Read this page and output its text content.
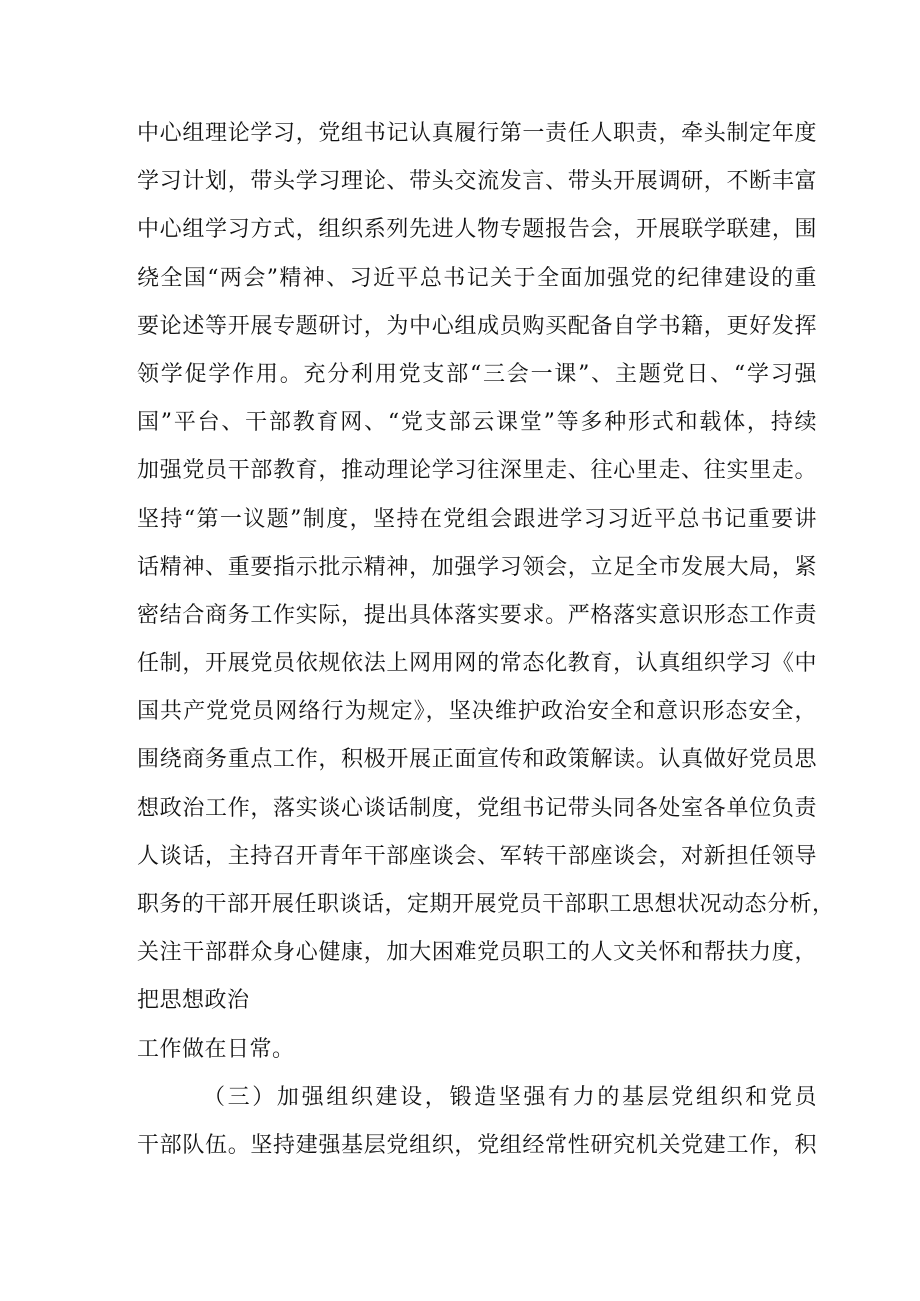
中心组理论学习，党组书记认真履行第一责任人职责，牵头制定年度
学习计划，带头学习理论、带头交流发言、带头开展调研，不断丰富
中心组学习方式，组织系列先进人物专题报告会，开展联学联建，围
绕全国“两会”精神、习近平总书记关于全面加强党的纪律建设的重
要论述等开展专题研讨，为中心组成员购买配备自学书籍，更好发挥
领学促学作用。充分利用党支部“三会一课”、主题党日、“学习强
国”平台、干部教育网、“党支部云课堂”等多种形式和载体，持续
加强党员干部教育，推动理论学习往深里走、往心里走、往实里走。
坚持“第一议题”制度，坚持在党组会跟进学习习近平总书记重要讲
话精神、重要指示批示精神，加强学习领会，立足全市发展大局，紧
密结合商务工作实际，提出具体落实要求。严格落实意识形态工作责
任制，开展党员依规依法上网用网的常态化教育，认真组织学习《中
国共产党党员网络行为规定》，坚决维护政治安全和意识形态安全，
围绕商务重点工作，积极开展正面宣传和政策解读。认真做好党员思
想政治工作，落实谈心谈话制度，党组书记带头同各处室各单位负责
人谈话，主持召开青年干部座谈会、军转干部座谈会，对新担任领导
职务的干部开展任职谈话，定期开展党员干部职工思想状况动态分析，
关注干部群众身心健康，加大困难党员职工的人文关怀和帮扶力度，
把思想政治
工作做在日常。
（三）加强组织建设，锻造坚强有力的基层党组织和党员
干部队伍。坚持建强基层党组织，党组经常性研究机关党建工作，积
